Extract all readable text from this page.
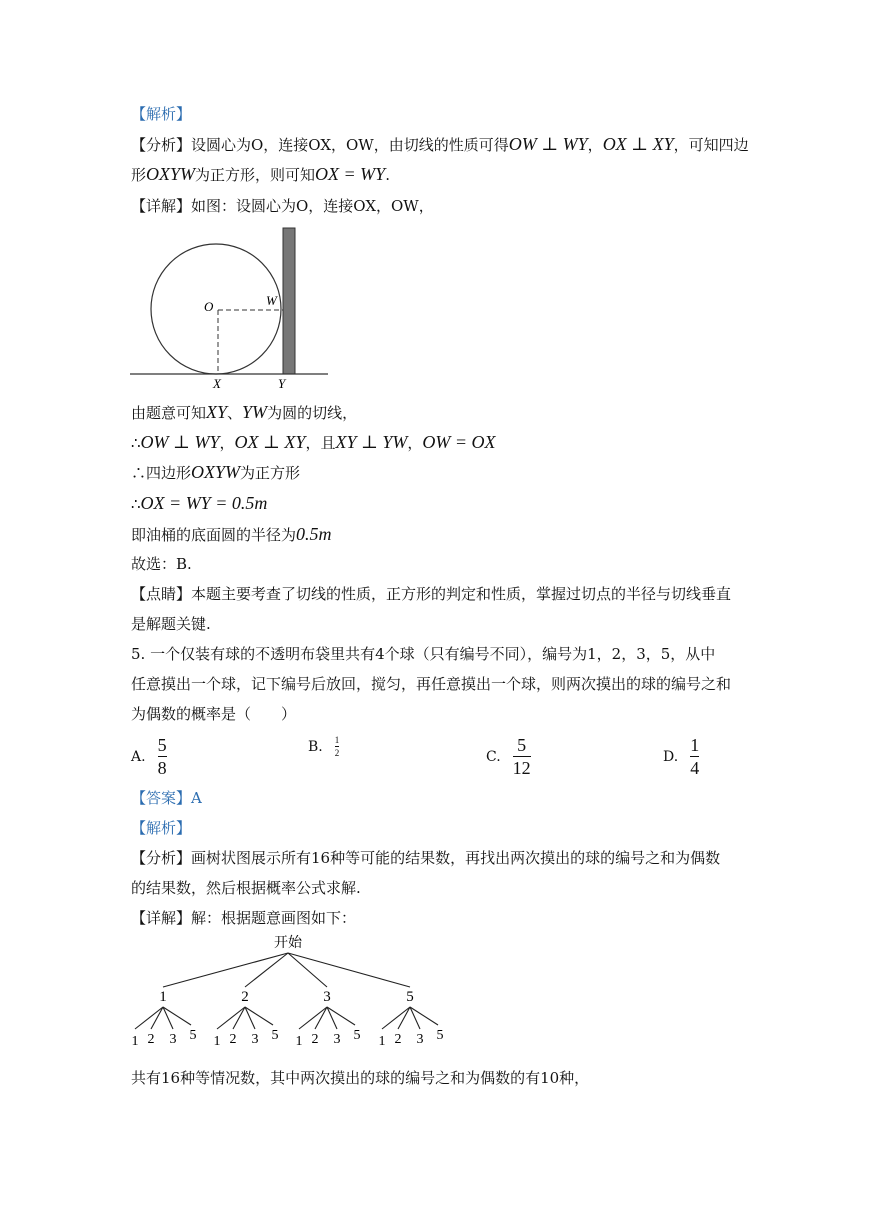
【解析】
【分析】设圆心为O，连接OX，OW，由切线的性质可得OW ⊥ WY，OX ⊥ XY，可知四边
形OXYW为正方形，则可知OX = WY.
【详解】如图：设圆心为O，连接OX，OW，
O	W
X	Y
由题意可知XY、YW为圆的切线，
∴OW ⊥ WY，OX ⊥ XY，且XY ⊥ YW，OW = OX
∴四边形OXYW为正方形
∴OX = WY = 0.5m
即油桶的底面圆的半径为0.5m
故选：B.
【点睛】本题主要考查了切线的性质，正方形的判定和性质，掌握过切点的半径与切线垂直
是解题关键.
5. 一个仅装有球的不透明布袋里共有4个球（只有编号不同），编号为1，2，3，5，从中
任意摸出一个球，记下编号后放回，搅匀，再任意摸出一个球，则两次摸出的球的编号之和
为偶数的概率是（　　）
A. $\frac{5}{8}$	B. $\frac{1}{2}$	C. $\frac{5}{12}$	D. $\frac{1}{4}$
【答案】A
【解析】
【分析】画树状图展示所有16种等可能的结果数，再找出两次摸出的球的编号之和为偶数
的结果数，然后根据概率公式求解.
【详解】解：根据题意画图如下：
开始
1
1 2 3 5
2
1 2 3 5
3
1 2 3 5
5
1 2 3 5
共有16种等情况数，其中两次摸出的球的编号之和为偶数的有10种，
